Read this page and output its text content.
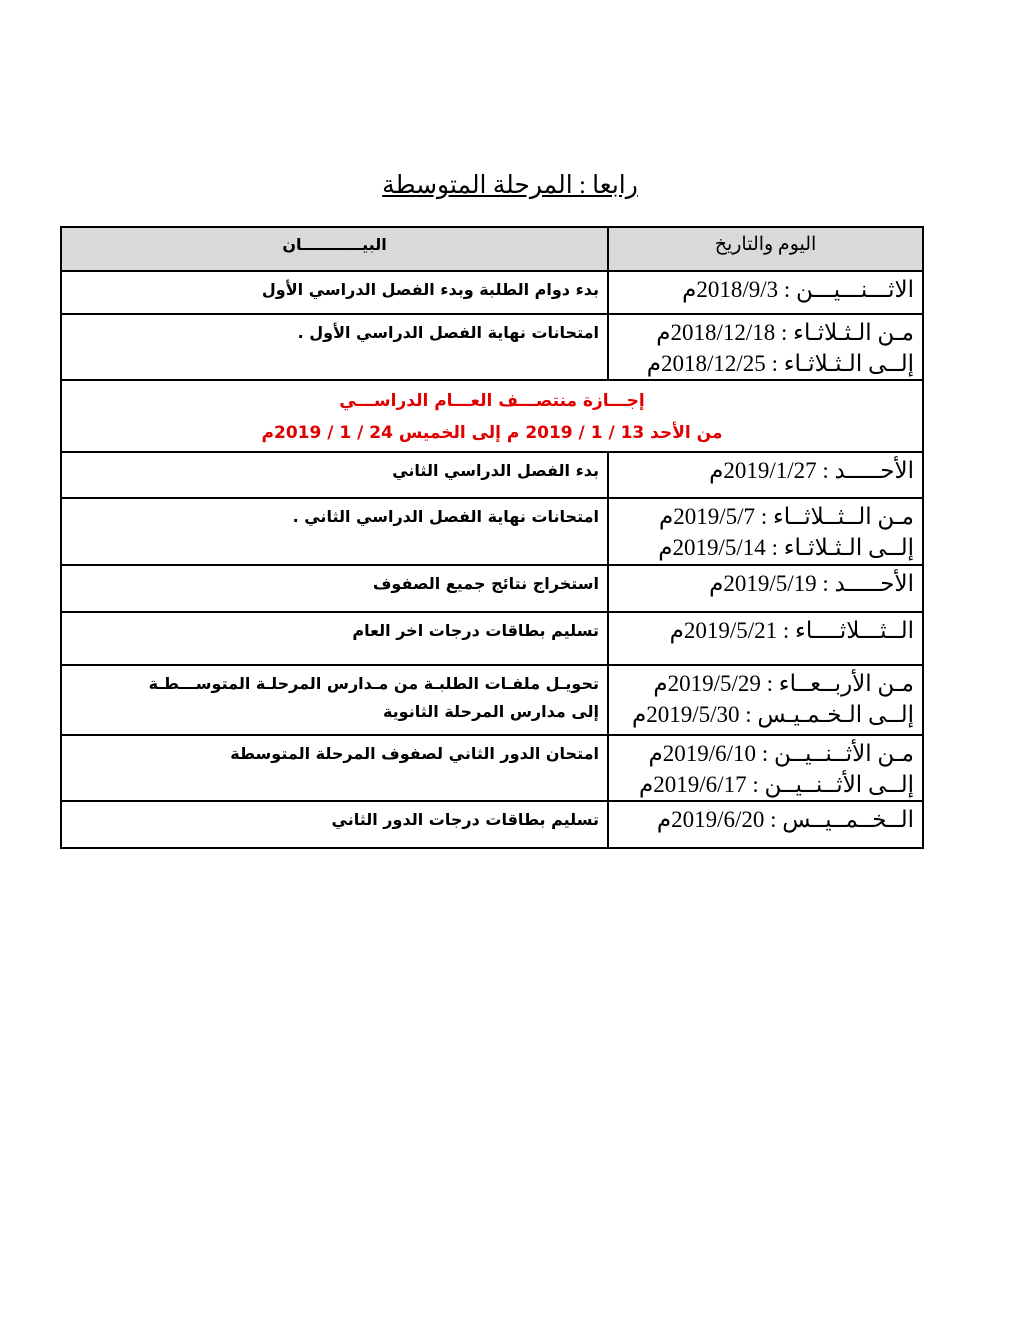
رابعا : المرحلة المتوسطة
البيـــــــــــان	اليوم والتاريخ

بدء دوام الطلبة وبدء الفصل الدراسي الأول	الاثـــنـــيـــن : 2018/9/3م

امتحانات نهاية الفصل الدراسي الأول .	مـن الـثـلاثـاء : 2018/12/18م
إلــى الـثـلاثـاء : 2018/12/25م

إجـــازة منتصـــف العـــام الدراســـي
من الأحد 13 / 1 / 2019 م إلى الخميس 24 / 1 / 2019م	

بدء الفصل الدراسي الثاني	الأحـــــد : 2019/1/27م

امتحانات نهاية الفصل الدراسي الثاني .	مـن الــثــلاثــاء : 2019/5/7م
إلــى الـثـلاثـاء : 2019/5/14م

استخراج نتائج جميع الصفوف	الأحـــــد : 2019/5/19م

تسليم بطاقات درجات اخر العام	الــثـــلاثــــاء : 2019/5/21م

تحويـل ملفـات الطلبـة من مـدارس المرحلـة المتوســـطـة
إلى مدارس المرحلة الثانوية	مـن الأربــعــاء : 2019/5/29م
إلــى الـخـمـيـس : 2019/5/30م

امتحان الدور الثاني لصفوف المرحلة المتوسطة	مـن الأثــنــيــن : 2019/6/10م
إلــى الأثــنــيــن : 2019/6/17م

تسليم بطاقات درجات الدور الثاني	الــخــمــيــس : 2019/6/20م
